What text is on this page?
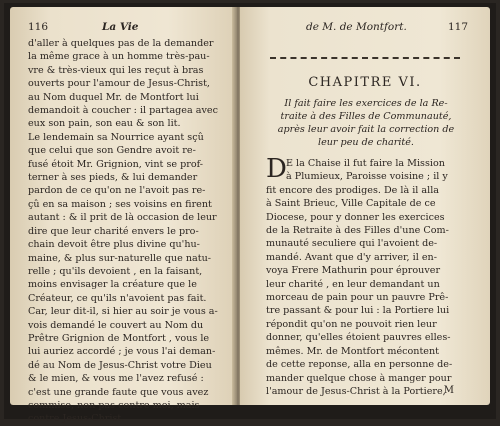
116	La Vie
d'aller à quelques pas de la demander
la même grace à un homme très-pau-
vre & très-vieux qui les reçut à bras
ouverts pour l'amour de Jesus-Christ,
au Nom duquel Mr. de Montfort lui
demandoit à coucher : il partagea avec
eux son pain, son eau & son lit.
Le lendemain sa Nourrice ayant sçû
que celui que son Gendre avoit re-
fusé étoit Mr. Grignion, vint se prof-
terner à ses pieds, & lui demander
pardon de ce qu'on ne l'avoit pas re-
çû en sa maison ; ses voisins en firent
autant : & il prit de là occasion de leur
dire que leur charité envers le pro-
chain devoit être plus divine qu'hu-
maine, & plus sur-naturelle que natu-
relle ; qu'ils devoient , en la faisant,
moins envisager la créature que le
Créateur, ce qu'ils n'avoient pas fait.
Car, leur dit-il, si hier au soir je vous a-
vois demandé le couvert au Nom du
Prêtre Grignion de Montfort , vous le
lui auriez accordé ; je vous l'ai deman-
dé au Nom de Jesus-Christ votre Dieu
& le mien, & vous me l'avez refusé :
c'est une grande faute que vous avez
commise, non pas contre moi, mais
contre Jesus-Christ.
de M. de Montfort.	117
CHAPITRE VI.
Il fait faire les exercices de la Re-
traite à des Filles de Communauté,
après leur avoir fait la correction de
leur peu de charité.
D E la Chaise il fut faire la Mission
à Plumieux, Paroisse voisine ; il y
fit encore des prodiges. De là il alla
à Saint Brieuc, Ville Capitale de ce
Diocese, pour y donner les exercices
de la Retraite à des Filles d'une Com-
munauté seculiere qui l'avoient de-
mandé. Avant que d'y arriver, il en-
voya Frere Mathurin pour éprouver
leur charité , en leur demandant un
morceau de pain pour un pauvre Prê-
tre passant & pour lui : la Portiere lui
répondit qu'on ne pouvoit rien leur
donner, qu'elles étoient pauvres elles-
mêmes. Mr. de Montfort mécontent
de cette reponse, alla en personne de-
mander quelque chose à manger pour
l'amour de Jesus-Christ à la Portiere,
M
